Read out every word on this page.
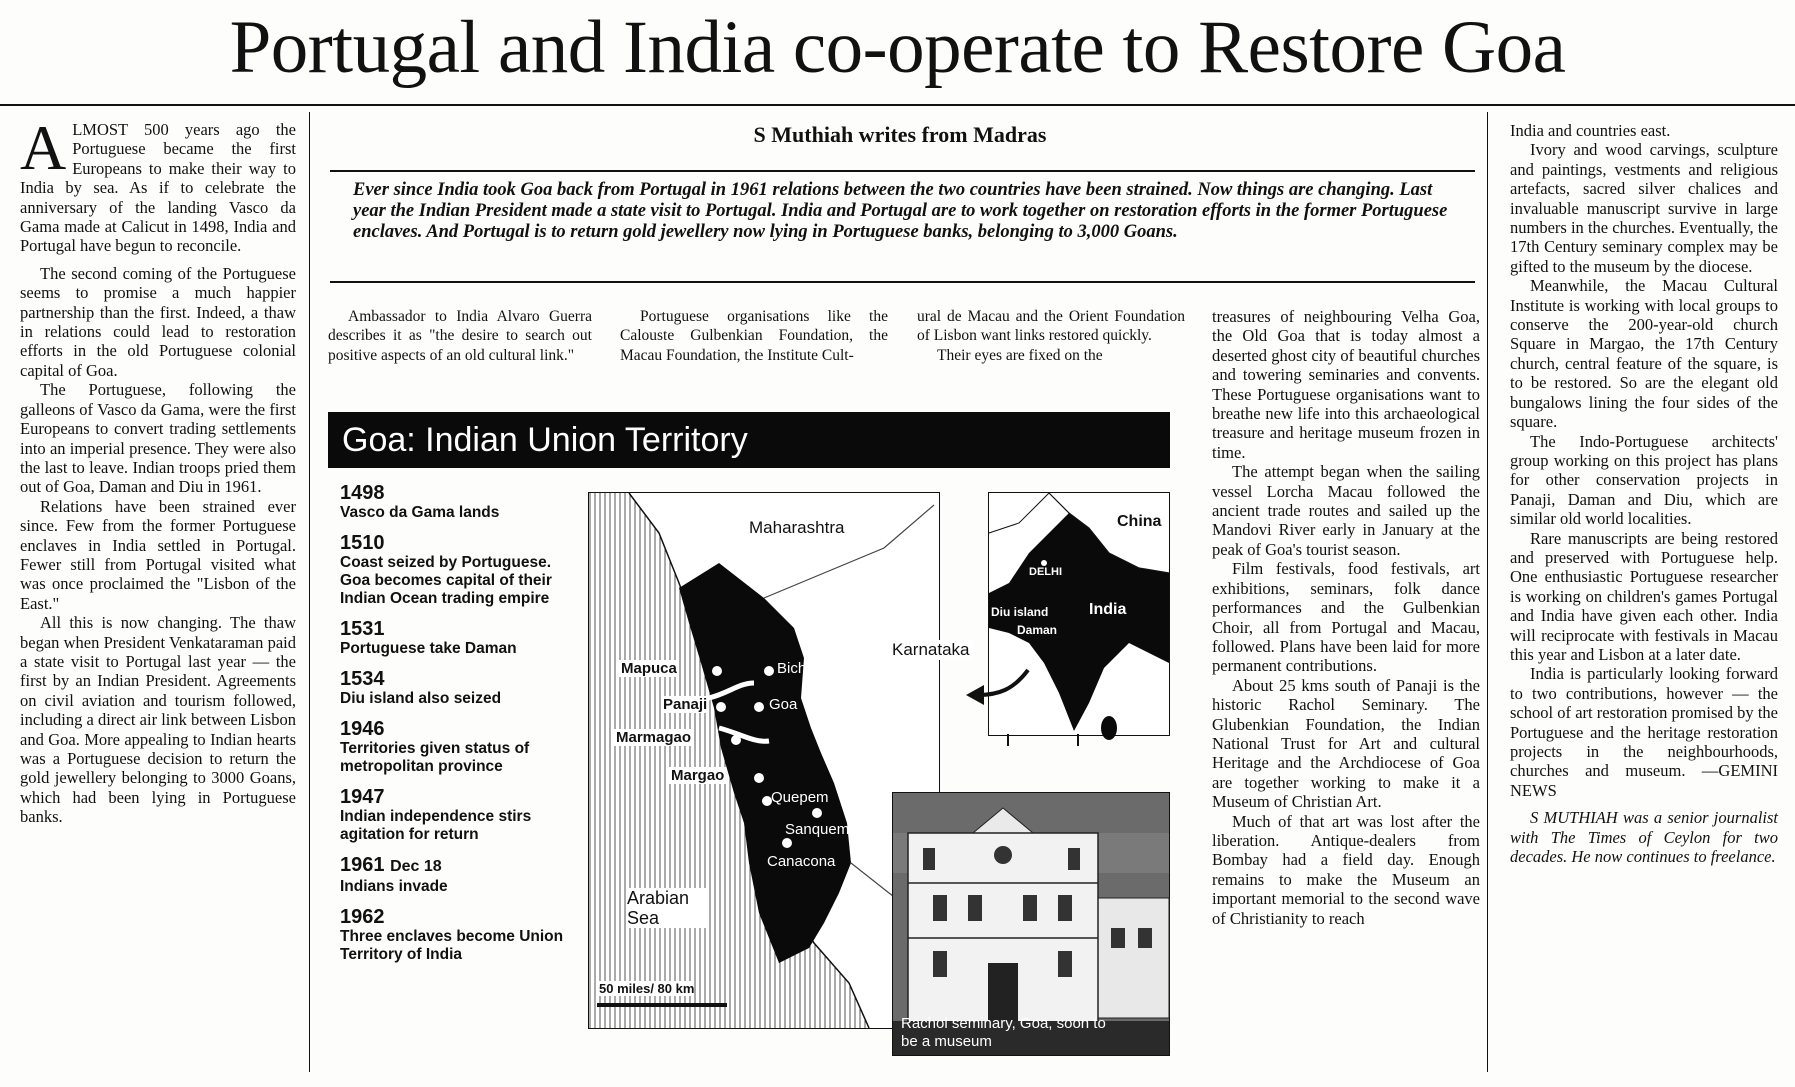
Portugal and India co-operate to Restore Goa
A LMOST 500 years ago the Portuguese became the first Europeans to make their way to India by sea. As if to celebrate the anniversary of the landing Vasco da Gama made at Calicut in 1498, India and Portugal have begun to reconcile.

The second coming of the Portuguese seems to promise a much happier partnership than the first. Indeed, a thaw in relations could lead to restoration efforts in the old Portuguese colonial capital of Goa.

The Portuguese, following the galleons of Vasco da Gama, were the first Europeans to convert trading settlements into an imperial presence. They were also the last to leave. Indian troops pried them out of Goa, Daman and Diu in 1961.

Relations have been strained ever since. Few from the former Portuguese enclaves in India settled in Portugal. Fewer still from Portugal visited what was once proclaimed the "Lisbon of the East."

All this is now changing. The thaw began when President Venkataraman paid a state visit to Portugal last year — the first by an Indian President. Agreements on civil aviation and tourism followed, including a direct air link between Lisbon and Goa. More appealing to Indian hearts was a Portuguese decision to return the gold jewellery belonging to 3000 Goans, which had been lying in Portuguese banks.

S Muthiah writes from Madras
Ever since India took Goa back from Portugal in 1961 relations between the two countries have been strained. Now things are changing. Last year the Indian President made a state visit to Portugal. India and Portugal are to work together on restoration efforts in the former Portuguese enclaves. And Portugal is to return gold jewellery now lying in Portuguese banks, belonging to 3,000 Goans.
Ambassador to India Alvaro Guerra describes it as "the desire to search out positive aspects of an old cultural link."
Portuguese organisations like the Calouste Gulbenkian Foundation, the Macau Foundation, the Institute Cult-

ural de Macau and the Orient Foundation of Lisbon want links restored quickly.

Their eyes are fixed on the

treasures of neighbouring Velha Goa, the Old Goa that is today almost a deserted ghost city of beautiful churches and towering seminaries and convents. These Portuguese organisations want to breathe new life into this archaeological treasure and heritage museum frozen in time.

The attempt began when the sailing vessel Lorcha Macau followed the ancient trade routes and sailed up the Mandovi River early in January at the peak of Goa's tourist season.

Film festivals, food festivals, art exhibitions, seminars, folk dance performances and the Gulbenkian Choir, all from Portugal and Macau, followed. Plans have been laid for more permanent contributions.

About 25 kms south of Panaji is the historic Rachol Seminary. The Glubenkian Foundation, the Indian National Trust for Art and cultural Heritage and the Archdiocese of Goa are together working to make it a Museum of Christian Art.

Much of that art was lost after the liberation. Antique-dealers from Bombay had a field day. Enough remains to make the Museum an important memorial to the second wave of Christianity to reach

India and countries east.

Ivory and wood carvings, sculpture and paintings, vestments and religious artefacts, sacred silver chalices and invaluable manuscript survive in large numbers in the churches. Eventually, the 17th Century seminary complex may be gifted to the museum by the diocese.

Meanwhile, the Macau Cultural Institute is working with local groups to conserve the 200-year-old church Square in Margao, the 17th Century church, central feature of the square, is to be restored. So are the elegant old bungalows lining the four sides of the square.

The Indo-Portuguese architects' group working on this project has plans for other conservation projects in Panaji, Daman and Diu, which are similar old world localities.

Rare manuscripts are being restored and preserved with Portuguese help. One enthusiastic Portuguese researcher is working on children's games Portugal and India have given each other. India will reciprocate with festivals in Macau this year and Lisbon at a later date.

India is particularly looking forward to two contributions, however — the school of art restoration promised by the Portuguese and the heritage restoration projects in the neighbourhoods, churches and museum. —GEMINI NEWS

S MUTHIAH was a senior journalist with The Times of Ceylon for two decades. He now continues to freelance.

Goa: Indian Union Territory
1498
Vasco da Gama lands
1510
Coast seized by Portuguese. Goa becomes capital of their Indian Ocean trading empire
1531
Portuguese take Daman
1534
Diu island also seized
1946
Territories given status of metropolitan province
1947
Indian independence stirs agitation for return
1961 Dec 18
Indians invade
1962
Three enclaves become Union Territory of India
Maharashtra
Karnataka
Arabian Sea
50 miles/ 80 km
Mapuca	Bicholim
Panaji	Goa
Marmagao
Margao
Quepem
Sanquem
Canacona
China
DELHI
India
Diu island
Daman
Rachol seminary, Goa, soon to be a museum
